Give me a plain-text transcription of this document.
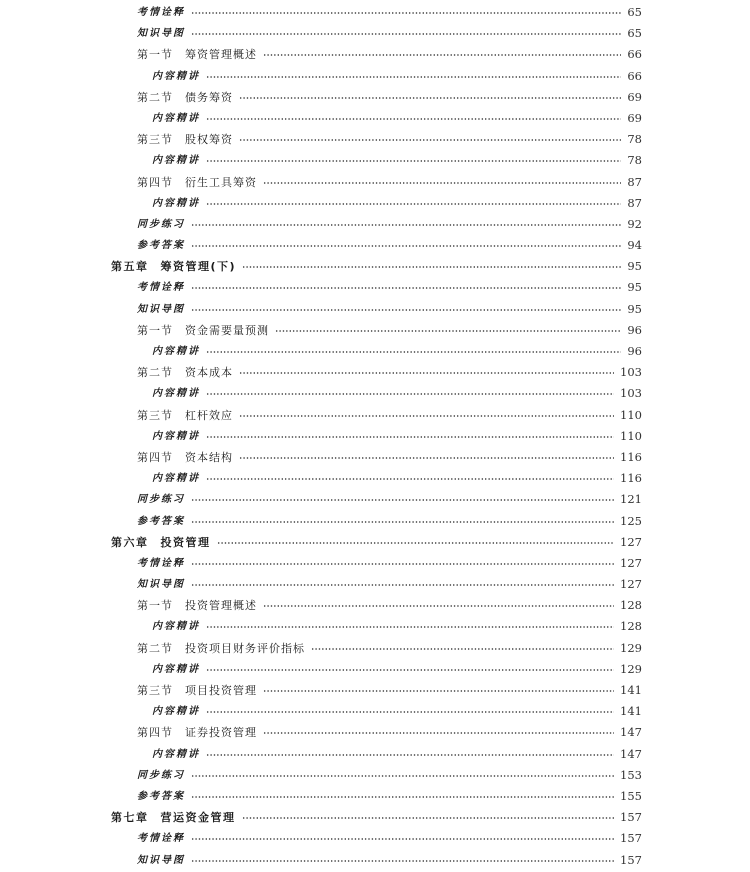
考情诠释	65
知识导图	65
第一节 筹资管理概述	66
内容精讲	66
第二节 债务筹资	69
内容精讲	69
第三节 股权筹资	78
内容精讲	78
第四节 衍生工具筹资	87
内容精讲	87
同步练习	92
参考答案	94
第五章 筹资管理(下)	95
考情诠释	95
知识导图	95
第一节 资金需要量预测	96
内容精讲	96
第二节 资本成本	103
内容精讲	103
第三节 杠杆效应	110
内容精讲	110
第四节 资本结构	116
内容精讲	116
同步练习	121
参考答案	125
第六章 投资管理	127
考情诠释	127
知识导图	127
第一节 投资管理概述	128
内容精讲	128
第二节 投资项目财务评价指标	129
内容精讲	129
第三节 项目投资管理	141
内容精讲	141
第四节 证券投资管理	147
内容精讲	147
同步练习	153
参考答案	155
第七章 营运资金管理	157
考情诠释	157
知识导图	157
